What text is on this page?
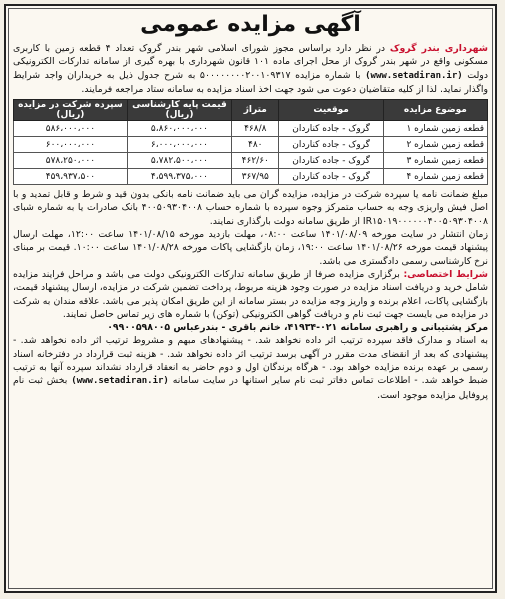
آگهی مزایده عمومی

شهرداری بندر گروک در نظر دارد براساس مجوز شورای اسلامی شهر بندر گروک تعداد ۴ قطعه زمین با کاربری مسکونی واقع در شهر بندر گروک از محل اجرای ماده ۱۰۱ قانون شهرداری با بهره گیری از سامانه تدارکات الکترونیکی دولت (www.setadiran.ir) با شماره مزایده ۵۰۰۰۰۰۰۰۰۲۰۰۱۰۹۳۱۷ به شرح جدول ذیل به خریداران واجد شرایط واگذار نماید. لذا از کلیه متقاضیان دعوت می شود جهت اخذ اسناد مزایده به سامانه ستاد مراجعه فرمایند.

موضوع مزایده	موقعیت	متراژ	قیمت پایه کارشناسی (ریال)	سپرده شرکت در مزایده (ریال)
قطعه زمین شماره ۱	گروک - جاده کناردان	۴۶۸/۸	۵،۸۶۰،۰۰۰،۰۰۰	۵۸۶،۰۰۰،۰۰۰
قطعه زمین شماره ۲	گروک - جاده کناردان	۴۸۰	۶،۰۰۰،۰۰۰،۰۰۰	۶۰۰،۰۰۰،۰۰۰
قطعه زمین شماره ۳	گروک - جاده کناردان	۴۶۲/۶۰	۵،۷۸۲،۵۰۰،۰۰۰	۵۷۸،۲۵۰،۰۰۰
قطعه زمین شماره ۴	گروک - جاده کناردان	۳۶۷/۹۵	۴،۵۹۹،۳۷۵،۰۰۰	۴۵۹،۹۳۷،۵۰۰

مبلغ ضمانت نامه یا سپرده شرکت در مزایده، مزایده گران می باید ضمانت نامه بانکی بدون قید و شرط و قابل تمدید و با اصل فیش واریزی وجه به حساب متمرکز وجوه سپرده با شماره حساب ۴۰۰۵۰۹۳۰۴۰۰۸ بانک صادرات یا به شماره شبای IR۱۵۰۱۹۰۰۰۰۰۰۴۰۰۵۰۹۳۰۴۰۰۸ از طریق سامانه دولت بارگذاری نمایند.

زمان انتشار در سایت مورخه ۱۴۰۱/۰۸/۰۹ ساعت ۰۸:۰۰، مهلت بازدید مورخه ۱۴۰۱/۰۸/۱۵ ساعت ۱۲:۰۰، مهلت ارسال پیشنهاد قیمت مورخه ۱۴۰۱/۰۸/۲۶ ساعت ۱۹:۰۰، زمان بازگشایی پاکات مورخه ۱۴۰۱/۰۸/۲۸ ساعت ۱۰:۰۰. قیمت بر مبنای نرخ کارشناسی رسمی دادگستری می باشد.

شرایط اختصاصی: برگزاری مزایده صرفا از طریق سامانه تدارکات الکترونیکی دولت می باشد و مراحل فرایند مزایده شامل خرید و دریافت اسناد مزایده در صورت وجود هزینه مربوط، پرداخت تضمین شرکت در مزایده، ارسال پیشنهاد قیمت، بازگشایی پاکات، اعلام برنده و واریز وجه مزایده در بستر سامانه از این طریق امکان پذیر می باشد. علاقه مندان به شرکت در مزایده می بایست جهت ثبت نام و دریافت گواهی الکترونیکی (توکن) با شماره های زیر تماس حاصل نمایند.

مرکز پشتیبانی و راهبری سامانه ۰۲۱-۴۱۹۳۴، خانم باقری - بندرعباس ۰۹۹۰۰۵۹۸۰۰۵

به اسناد و مدارک فاقد سپرده ترتیب اثر داده نخواهد شد. - پیشنهادهای مبهم و مشروط ترتیب اثر داده نخواهد شد. - پیشنهادی که بعد از انقضای مدت مقرر در آگهی برسد ترتیب اثر داده نخواهد شد. - هزینه ثبت قرارداد در دفترخانه اسناد رسمی بر عهده برنده مزایده خواهد بود. - هرگاه برندگان اول و دوم حاضر به انعقاد قرارداد نشداند سپرده آنها به ترتیب ضبط خواهد شد. - اطلاعات تماس دفاتر ثبت نام سایر استانها در سایت سامانه (www.setadiran.ir) بخش ثبت نام پروفایل مزایده موجود است.
